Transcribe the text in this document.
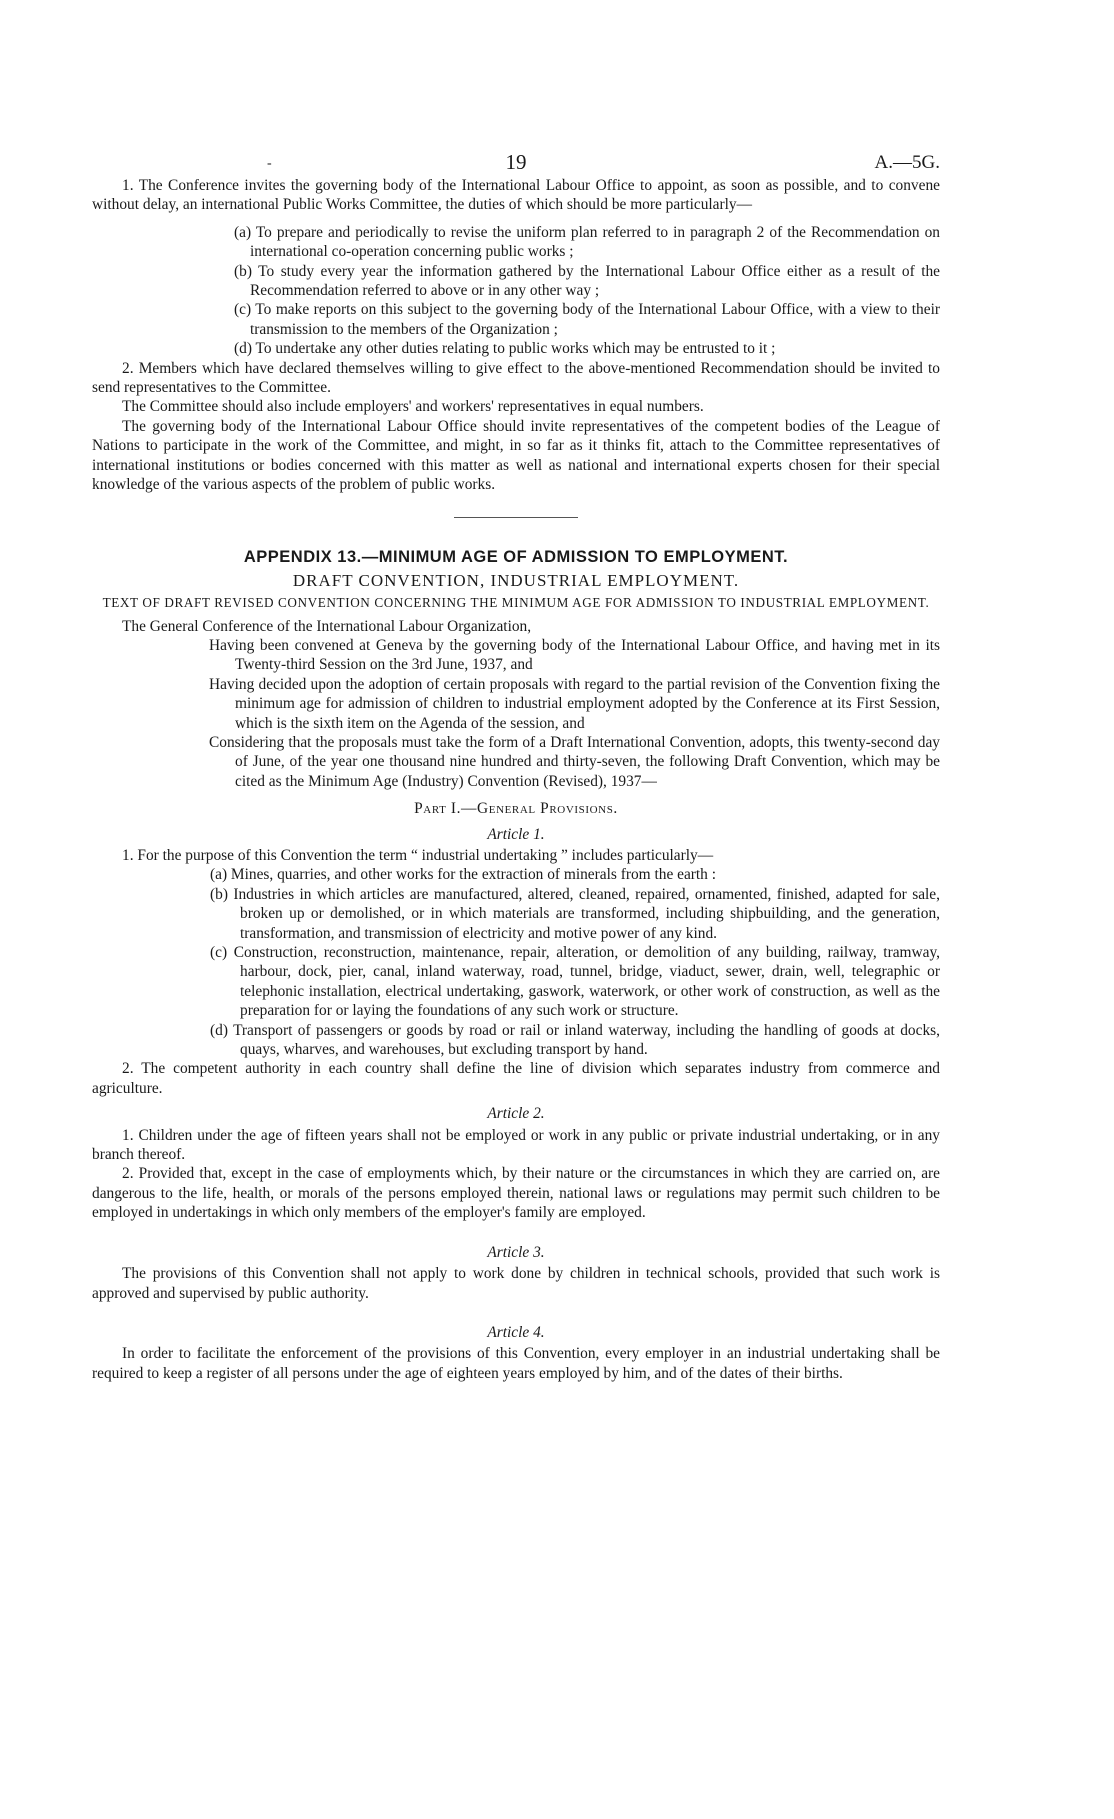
-	19	A.—5G.

1. The Conference invites the governing body of the International Labour Office to appoint, as soon as possible, and to convene without delay, an international Public Works Committee, the duties of which should be more particularly—

(a) To prepare and periodically to revise the uniform plan referred to in paragraph 2 of the Recommendation on international co-operation concerning public works ;

(b) To study every year the information gathered by the International Labour Office either as a result of the Recommendation referred to above or in any other way ;

(c) To make reports on this subject to the governing body of the International Labour Office, with a view to their transmission to the members of the Organization ;

(d) To undertake any other duties relating to public works which may be entrusted to it ;

2. Members which have declared themselves willing to give effect to the above-mentioned Recommendation should be invited to send representatives to the Committee.

The Committee should also include employers' and workers' representatives in equal numbers.

The governing body of the International Labour Office should invite representatives of the competent bodies of the League of Nations to participate in the work of the Committee, and might, in so far as it thinks fit, attach to the Committee representatives of international institutions or bodies concerned with this matter as well as national and international experts chosen for their special knowledge of the various aspects of the problem of public works.

APPENDIX 13.—MINIMUM AGE OF ADMISSION TO EMPLOYMENT.
DRAFT CONVENTION, INDUSTRIAL EMPLOYMENT.
TEXT OF DRAFT REVISED CONVENTION CONCERNING THE MINIMUM AGE FOR ADMISSION TO INDUSTRIAL EMPLOYMENT.

The General Conference of the International Labour Organization,

Having been convened at Geneva by the governing body of the International Labour Office, and having met in its Twenty-third Session on the 3rd June, 1937, and

Having decided upon the adoption of certain proposals with regard to the partial revision of the Convention fixing the minimum age for admission of children to industrial employment adopted by the Conference at its First Session, which is the sixth item on the Agenda of the session, and

Considering that the proposals must take the form of a Draft International Convention, adopts, this twenty-second day of June, of the year one thousand nine hundred and thirty-seven, the following Draft Convention, which may be cited as the Minimum Age (Industry) Convention (Revised), 1937—

Part I.—General Provisions.

Article 1.

1. For the purpose of this Convention the term “ industrial undertaking ” includes particularly—

(a) Mines, quarries, and other works for the extraction of minerals from the earth :

(b) Industries in which articles are manufactured, altered, cleaned, repaired, ornamented, finished, adapted for sale, broken up or demolished, or in which materials are transformed, including shipbuilding, and the generation, transformation, and transmission of electricity and motive power of any kind.

(c) Construction, reconstruction, maintenance, repair, alteration, or demolition of any building, railway, tramway, harbour, dock, pier, canal, inland waterway, road, tunnel, bridge, viaduct, sewer, drain, well, telegraphic or telephonic installation, electrical undertaking, gaswork, waterwork, or other work of construction, as well as the preparation for or laying the foundations of any such work or structure.

(d) Transport of passengers or goods by road or rail or inland waterway, including the handling of goods at docks, quays, wharves, and warehouses, but excluding transport by hand.

2. The competent authority in each country shall define the line of division which separates industry from commerce and agriculture.

Article 2.

1. Children under the age of fifteen years shall not be employed or work in any public or private industrial undertaking, or in any branch thereof.

2. Provided that, except in the case of employments which, by their nature or the circumstances in which they are carried on, are dangerous to the life, health, or morals of the persons employed therein, national laws or regulations may permit such children to be employed in undertakings in which only members of the employer's family are employed.

Article 3.

The provisions of this Convention shall not apply to work done by children in technical schools, provided that such work is approved and supervised by public authority.

Article 4.

In order to facilitate the enforcement of the provisions of this Convention, every employer in an industrial undertaking shall be required to keep a register of all persons under the age of eighteen years employed by him, and of the dates of their births.
